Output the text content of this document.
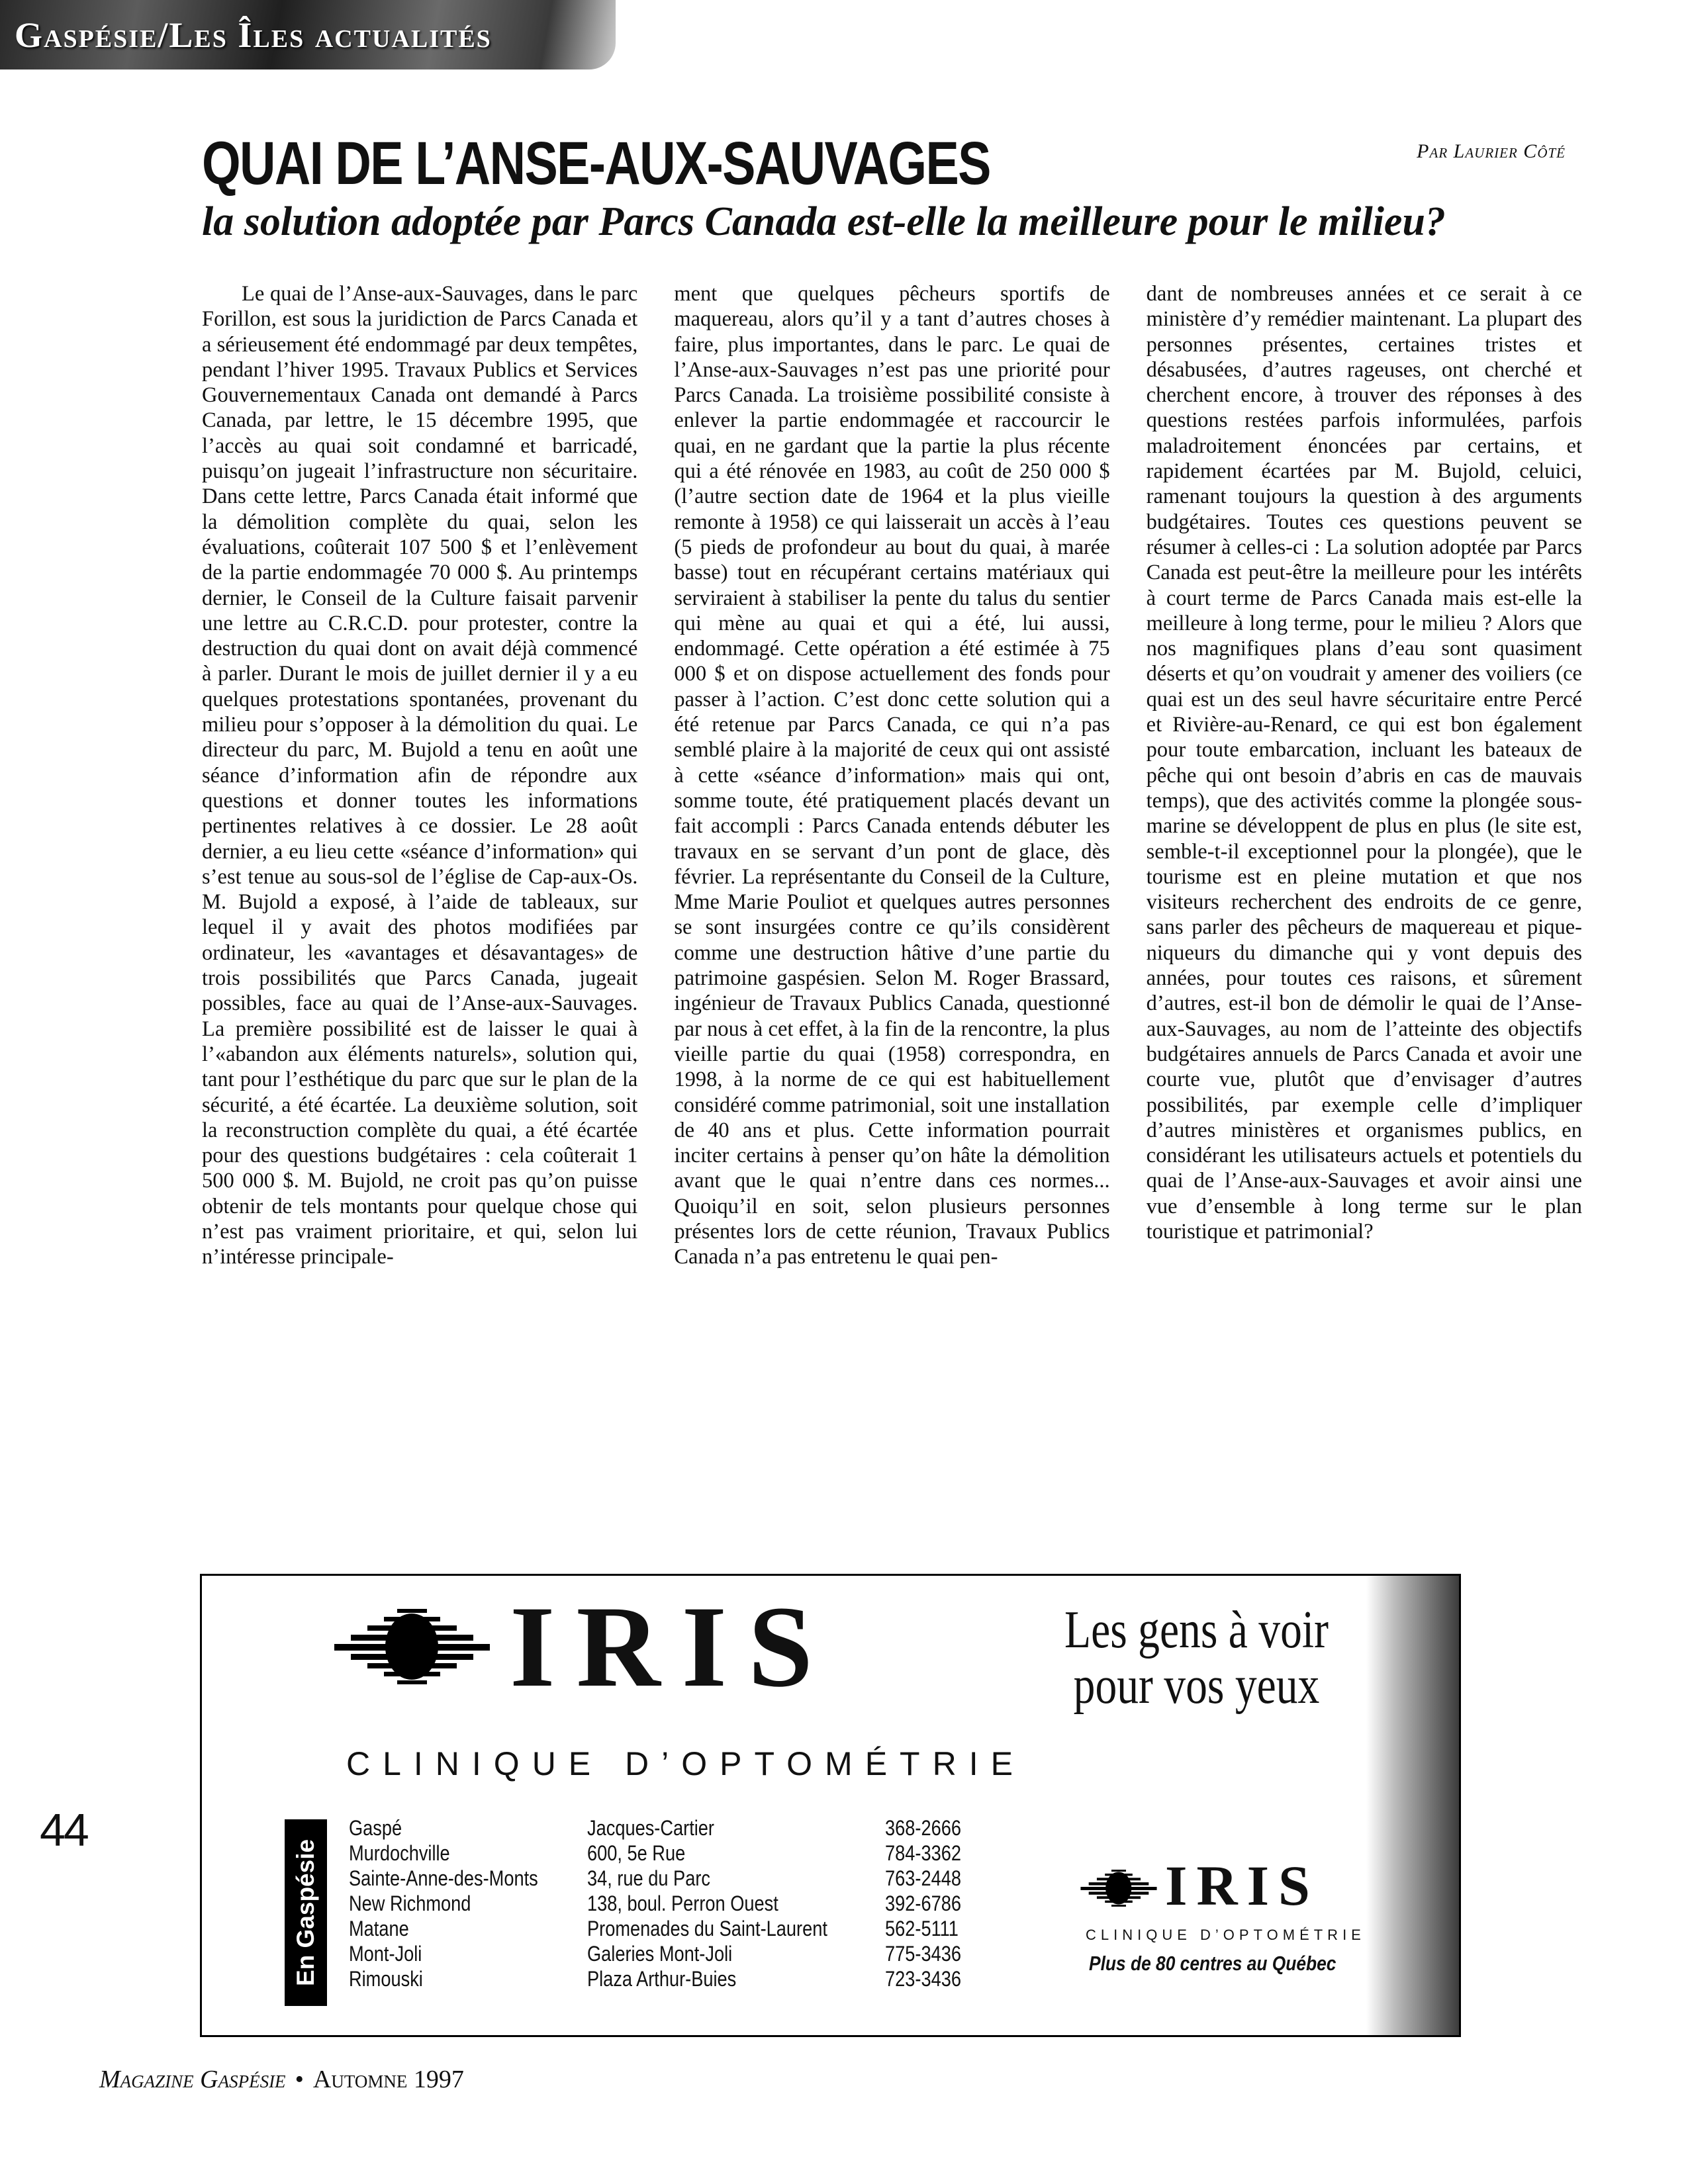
Gaspésie/Les Îles actualités
QUAI DE L’ANSE-AUX-SAUVAGES	Par Laurier Côté
la solution adoptée par Parcs Canada est-elle la meilleure pour le milieu?

Le quai de l’Anse-aux-Sauvages, dans le parc Forillon, est sous la juridiction de Parcs Canada et a sérieusement été endommagé par deux tempêtes, pendant l’hiver 1995. Travaux Publics et Services Gouvernementaux Canada ont demandé à Parcs Canada, par lettre, le 15 décembre 1995, que l’accès au quai soit condamné et barricadé, puisqu’on jugeait l’infrastructure non sécuritaire. Dans cette lettre, Parcs Canada était informé que la démolition complète du quai, selon les évaluations, coûterait 107 500 $ et l’enlèvement de la partie endommagée 70 000 $. Au printemps dernier, le Conseil de la Culture faisait parvenir une lettre au C.R.C.D. pour protester, contre la destruction du quai dont on avait déjà commencé à parler. Durant le mois de juillet dernier il y a eu quelques protestations spontanées, provenant du milieu pour s’opposer à la démolition du quai. Le directeur du parc, M. Bujold a tenu en août une séance d’information afin de répondre aux questions et donner toutes les informations pertinentes relatives à ce dossier. Le 28 août dernier, a eu lieu cette «séance d’information» qui s’est tenue au sous-sol de l’église de Cap-aux-Os. M. Bujold a exposé, à l’aide de tableaux, sur lequel il y avait des photos modifiées par ordinateur, les «avantages et désavantages» de trois possibilités que Parcs Canada, jugeait possibles, face au quai de l’Anse-aux-Sauvages. La première possibilité est de laisser le quai à l’«abandon aux éléments naturels», solution qui, tant pour l’esthétique du parc que sur le plan de la sécurité, a été écartée. La deuxième solution, soit la reconstruction complète du quai, a été écartée pour des questions budgétaires : cela coûterait 1 500 000 $. M. Bujold, ne croit pas qu’on puisse obtenir de tels montants pour quelque chose qui n’est pas vraiment prioritaire, et qui, selon lui n’intéresse principale-

ment que quelques pêcheurs sportifs de maquereau, alors qu’il y a tant d’autres choses à faire, plus importantes, dans le parc. Le quai de l’Anse-aux-Sauvages n’est pas une priorité pour Parcs Canada. La troisième possibilité consiste à enlever la partie endommagée et raccourcir le quai, en ne gardant que la partie la plus récente qui a été rénovée en 1983, au coût de 250 000 $ (l’autre section date de 1964 et la plus vieille remonte à 1958) ce qui laisserait un accès à l’eau (5 pieds de profondeur au bout du quai, à marée basse) tout en récupérant certains matériaux qui serviraient à stabiliser la pente du talus du sentier qui mène au quai et qui a été, lui aussi, endommagé. Cette opération a été estimée à 75 000 $ et on dispose actuellement des fonds pour passer à l’action. C’est donc cette solution qui a été retenue par Parcs Canada, ce qui n’a pas semblé plaire à la majorité de ceux qui ont assisté à cette «séance d’information» mais qui ont, somme toute, été pratiquement placés devant un fait accompli : Parcs Canada entends débuter les travaux en se servant d’un pont de glace, dès février. La représentante du Conseil de la Culture, Mme Marie Pouliot et quelques autres personnes se sont insurgées contre ce qu’ils considèrent comme une destruction hâtive d’une partie du patrimoine gaspésien. Selon M. Roger Brassard, ingénieur de Travaux Publics Canada, questionné par nous à cet effet, à la fin de la rencontre, la plus vieille partie du quai (1958) correspondra, en 1998, à la norme de ce qui est habituellement considéré comme patrimonial, soit une installation de 40 ans et plus. Cette information pourrait inciter certains à penser qu’on hâte la démolition avant que le quai n’entre dans ces normes... Quoiqu’il en soit, selon plusieurs personnes présentes lors de cette réunion, Travaux Publics Canada n’a pas entretenu le quai pen-

dant de nombreuses années et ce serait à ce ministère d’y remédier maintenant. La plupart des personnes présentes, certaines tristes et désabusées, d’autres rageuses, ont cherché et cherchent encore, à trouver des réponses à des questions restées parfois informulées, parfois maladroitement énoncées par certains, et rapidement écartées par M. Bujold, celuici, ramenant toujours la question à des arguments budgétaires. Toutes ces questions peuvent se résumer à celles-ci : La solution adoptée par Parcs Canada est peut-être la meilleure pour les intérêts à court terme de Parcs Canada mais est-elle la meilleure à long terme, pour le milieu ? Alors que nos magnifiques plans d’eau sont quasiment déserts et qu’on voudrait y amener des voiliers (ce quai est un des seul havre sécuritaire entre Percé et Rivière-au-Renard, ce qui est bon également pour toute embarcation, incluant les bateaux de pêche qui ont besoin d’abris en cas de mauvais temps), que des activités comme la plongée sous-marine se développent de plus en plus (le site est, semble-t-il exceptionnel pour la plongée), que le tourisme est en pleine mutation et que nos visiteurs recherchent des endroits de ce genre, sans parler des pêcheurs de maquereau et pique-niqueurs du dimanche qui y vont depuis des années, pour toutes ces raisons, et sûrement d’autres, est-il bon de démolir le quai de l’Anse-aux-Sauvages, au nom de l’atteinte des objectifs budgétaires annuels de Parcs Canada et avoir une courte vue, plutôt que d’envisager d’autres possibilités, par exemple celle d’impliquer d’autres ministères et organismes publics, en considérant les utilisateurs actuels et potentiels du quai de l’Anse-aux-Sauvages et avoir ainsi une vue d’ensemble à long terme sur le plan touristique et patrimonial?

44
IRIS
CLINIQUE D’OPTOMÉTRIE

Les gens à voir pour vos yeux

En Gaspésie
Gaspé	Jacques-Cartier	368-2666
Murdochville	600, 5e Rue	784-3362
Sainte-Anne-des-Monts	34, rue du Parc	763-2448
New Richmond	138, boul. Perron Ouest	392-6786
Matane	Promenades du Saint-Laurent	562-5111
Mont-Joli	Galeries Mont-Joli	775-3436
Rimouski	Plaza Arthur-Buies	723-3436
IRIS
CLINIQUE D’OPTOMÉTRIE
Plus de 80 centres au Québec
Magazine Gaspésie • Automne 1997
